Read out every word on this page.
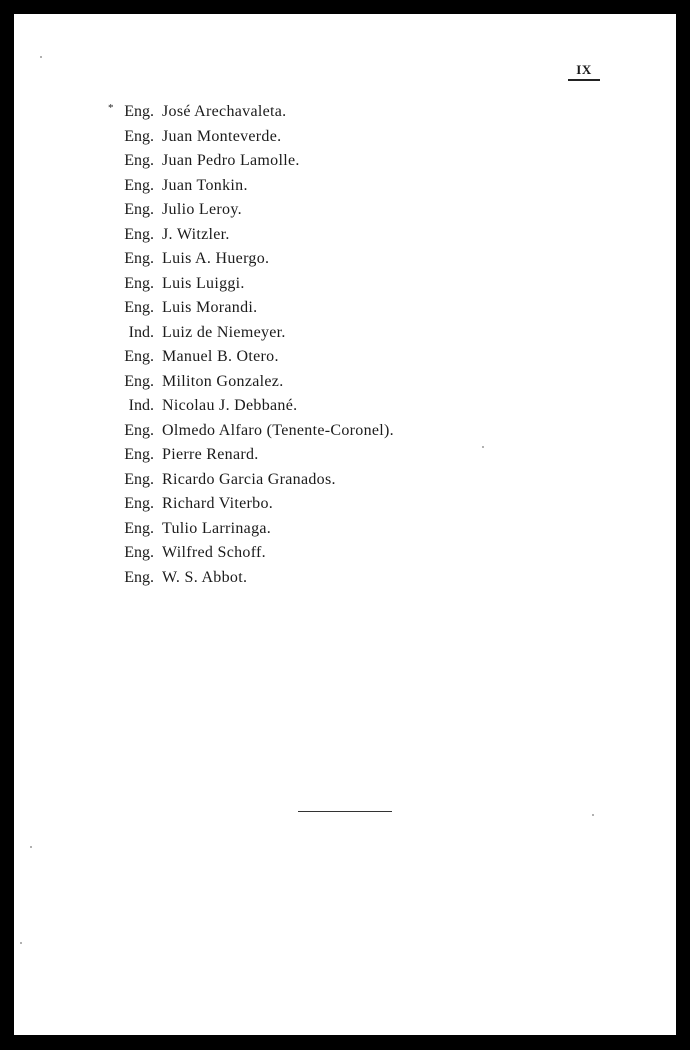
IX
* Eng. José Arechavaleta.
Eng. Juan Monteverde.
Eng. Juan Pedro Lamolle.
Eng. Juan Tonkin.
Eng. Julio Leroy.
Eng. J. Witzler.
Eng. Luis A. Huergo.
Eng. Luis Luiggi.
Eng. Luis Morandi.
Ind. Luiz de Niemeyer.
Eng. Manuel B. Otero.
Eng. Militon Gonzalez.
Ind. Nicolau J. Debbané.
Eng. Olmedo Alfaro (Tenente-Coronel).
Eng. Pierre Renard.
Eng. Ricardo Garcia Granados.
Eng. Richard Viterbo.
Eng. Tulio Larrinaga.
Eng. Wilfred Schoff.
Eng. W. S. Abbot.
